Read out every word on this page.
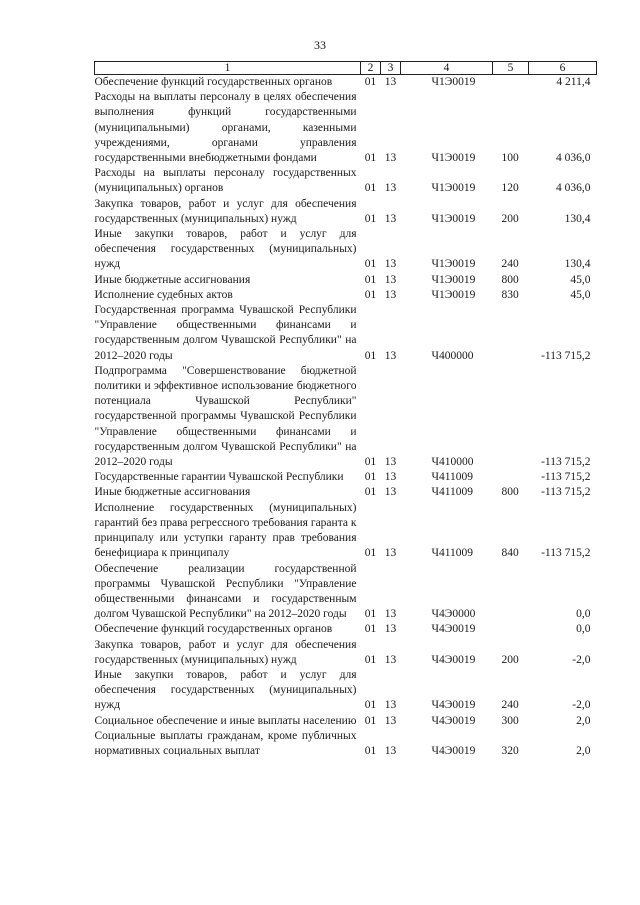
33
1	2	3	4	5	6
Обеспечение функций государственных органов	01	13	Ч1Э0019		4 211,4
Расходы на выплаты персоналу в целях обеспечения выполнения функций государственными (муниципальными) органами, казенными учреждениями, органами управления государственными внебюджетными фондами	01	13	Ч1Э0019	100	4 036,0
Расходы на выплаты персоналу государственных (муниципальных) органов	01	13	Ч1Э0019	120	4 036,0
Закупка товаров, работ и услуг для обеспечения государственных (муниципальных) нужд	01	13	Ч1Э0019	200	130,4
Иные закупки товаров, работ и услуг для обеспечения государственных (муниципальных) нужд	01	13	Ч1Э0019	240	130,4
Иные бюджетные ассигнования	01	13	Ч1Э0019	800	45,0
Исполнение судебных актов	01	13	Ч1Э0019	830	45,0
Государственная программа Чувашской Республики "Управление общественными финансами и государственным долгом Чувашской Республики" на 2012–2020 годы	01	13	Ч400000		-113 715,2
Подпрограмма "Совершенствование бюджетной политики и эффективное использование бюджетного потенциала Чувашской Республики" государственной программы Чувашской Республики "Управление общественными финансами и государственным долгом Чувашской Республики" на 2012–2020 годы	01	13	Ч410000		-113 715,2
Государственные гарантии Чувашской Республики	01	13	Ч411009		-113 715,2
Иные бюджетные ассигнования	01	13	Ч411009	800	-113 715,2
Исполнение государственных (муниципальных) гарантий без права регрессного требования гаранта к принципалу или уступки гаранту прав требования бенефициара к принципалу	01	13	Ч411009	840	-113 715,2
Обеспечение реализации государственной программы Чувашской Республики "Управление общественными финансами и государственным долгом Чувашской Республики" на 2012–2020 годы	01	13	Ч4Э0000		0,0
Обеспечение функций государственных органов	01	13	Ч4Э0019		0,0
Закупка товаров, работ и услуг для обеспечения государственных (муниципальных) нужд	01	13	Ч4Э0019	200	-2,0
Иные закупки товаров, работ и услуг для обеспечения государственных (муниципальных) нужд	01	13	Ч4Э0019	240	-2,0
Социальное обеспечение и иные выплаты населению	01	13	Ч4Э0019	300	2,0
Социальные выплаты гражданам, кроме публичных нормативных социальных выплат	01	13	Ч4Э0019	320	2,0
